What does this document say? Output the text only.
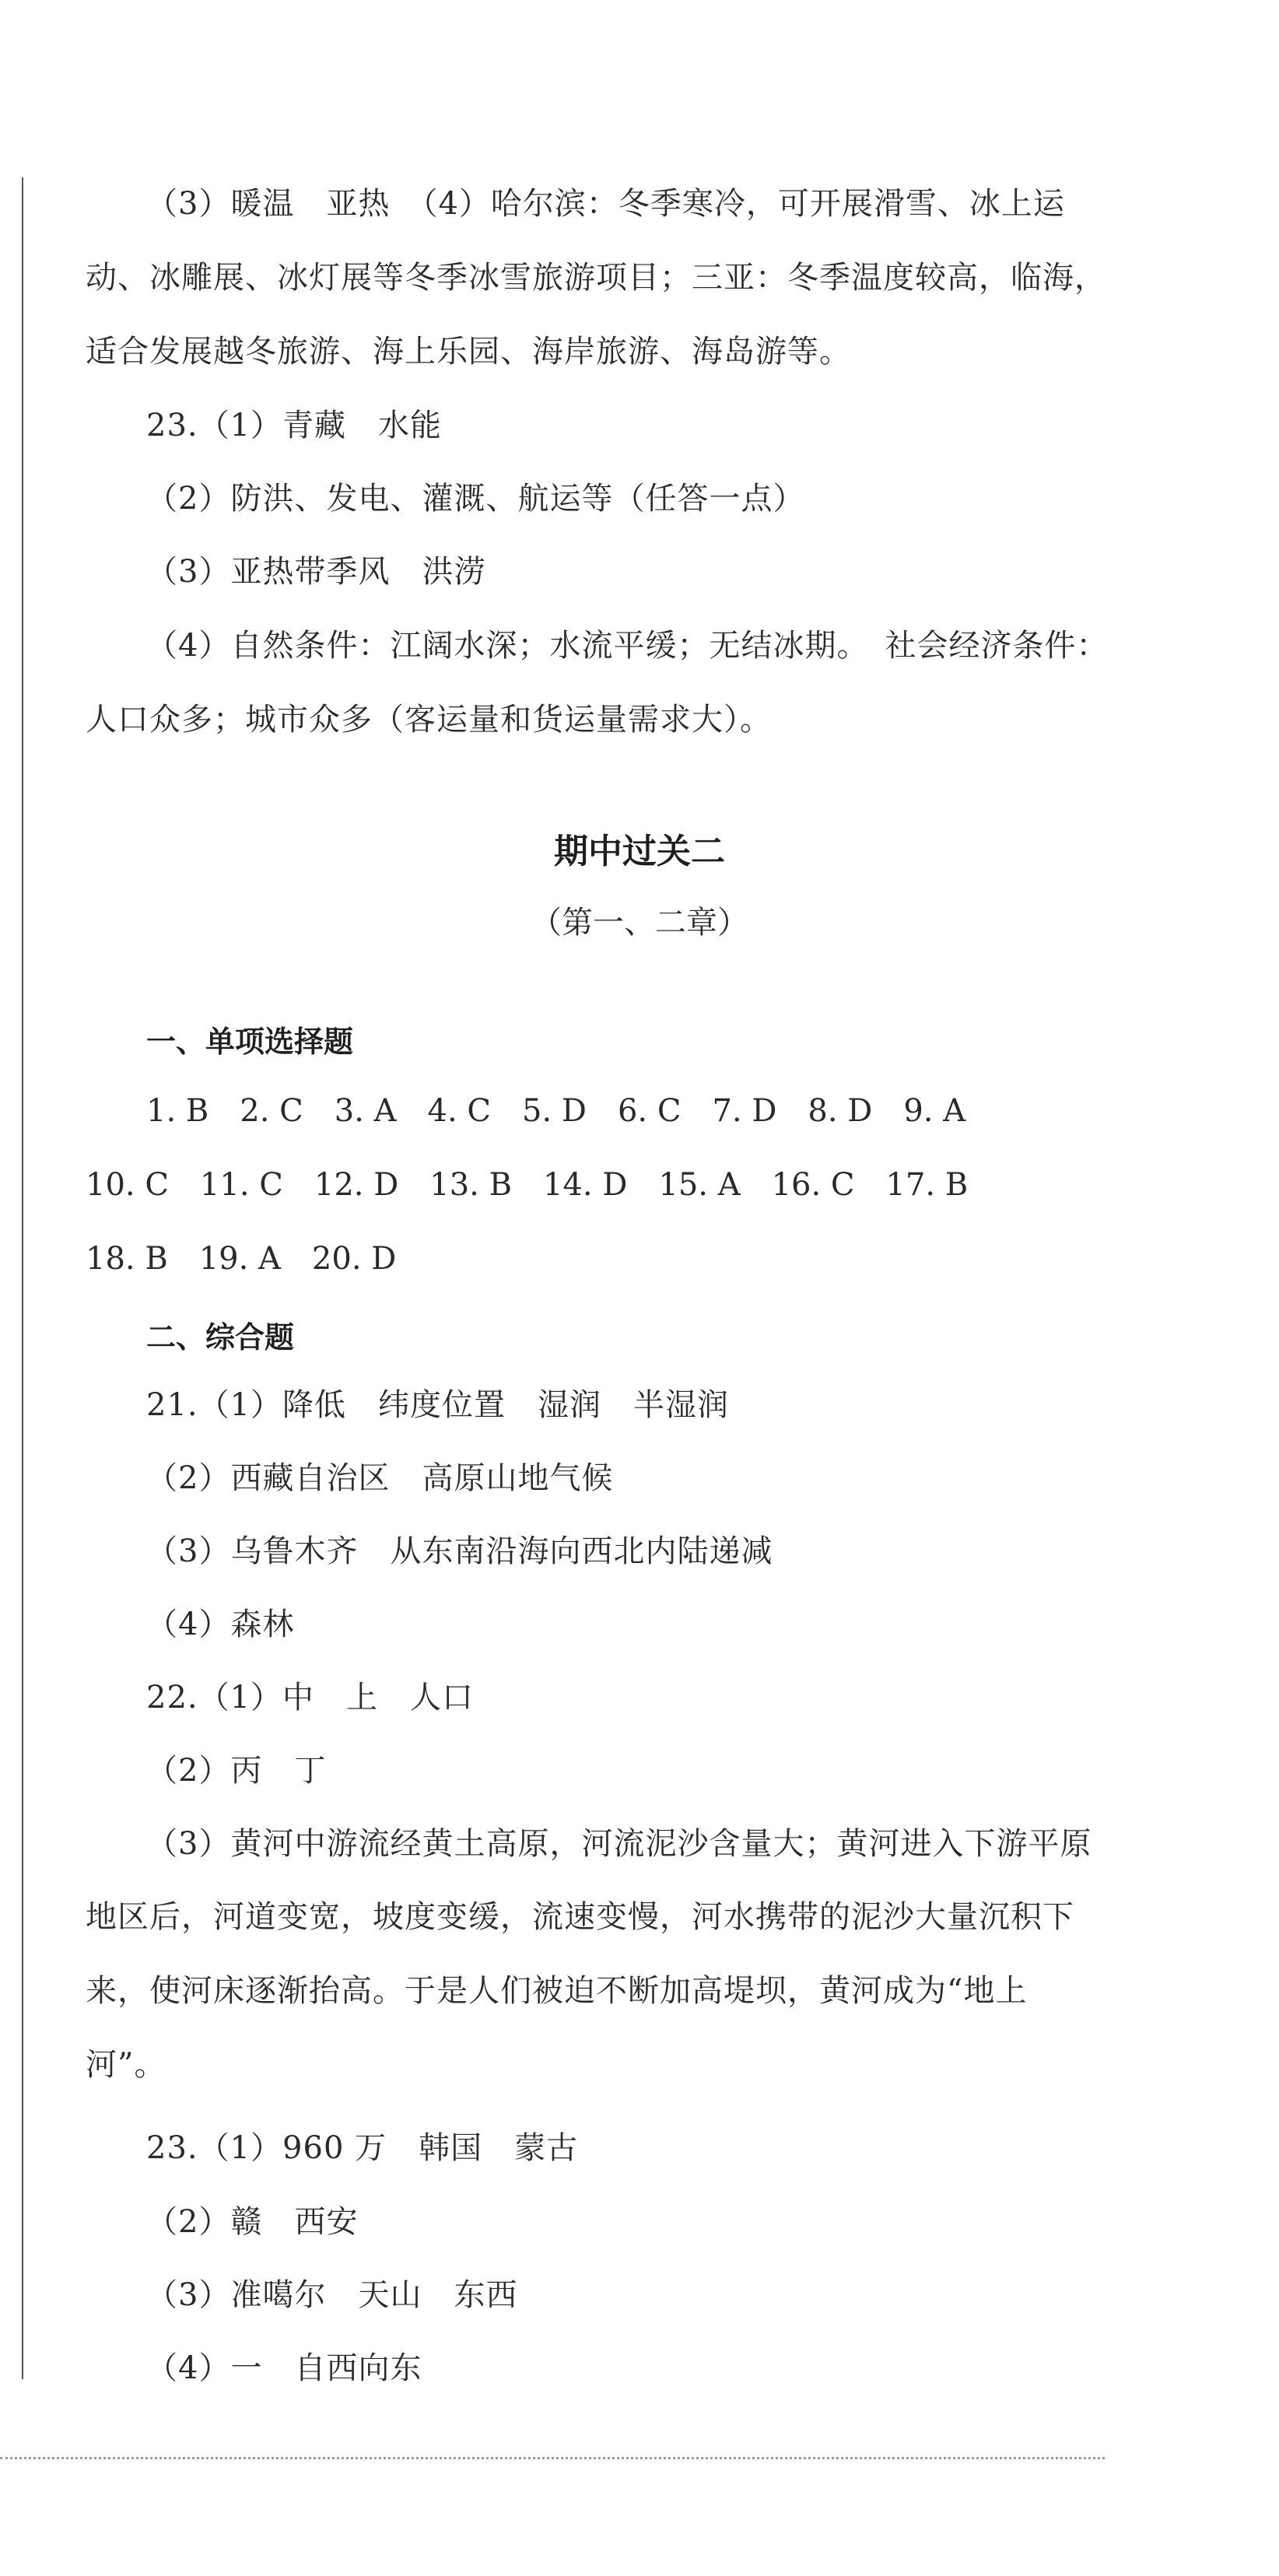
（3）暖温　亚热　（4）哈尔滨：冬季寒冷，可开展滑雪、冰上运
动、冰雕展、冰灯展等冬季冰雪旅游项目；三亚：冬季温度较高，临海，
适合发展越冬旅游、海上乐园、海岸旅游、海岛游等。
23.（1）青藏　水能
（2）防洪、发电、灌溉、航运等（任答一点）
（3）亚热带季风　洪涝
（4）自然条件：江阔水深；水流平缓；无结冰期。　社会经济条件：
人口众多；城市众多（客运量和货运量需求大）。
期中过关二
（第一、二章）
一、单项选择题
1. B　2. C　3. A　4. C　5. D　6. C　7. D　8. D　9. A
10. C　11. C　12. D　13. B　14. D　15. A　16. C　17. B
18. B　19. A　20. D
二、综合题
21.（1）降低　纬度位置　湿润　半湿润
（2）西藏自治区　高原山地气候
（3）乌鲁木齐　从东南沿海向西北内陆递减
（4）森林
22.（1）中　上　人口
（2）丙　丁
（3）黄河中游流经黄土高原，河流泥沙含量大；黄河进入下游平原
地区后，河道变宽，坡度变缓，流速变慢，河水携带的泥沙大量沉积下
来，使河床逐渐抬高。于是人们被迫不断加高堤坝，黄河成为“地上
河”。
23.（1）960 万　韩国　蒙古
（2）赣　西安
（3）准噶尔　天山　东西
（4）一　自西向东
